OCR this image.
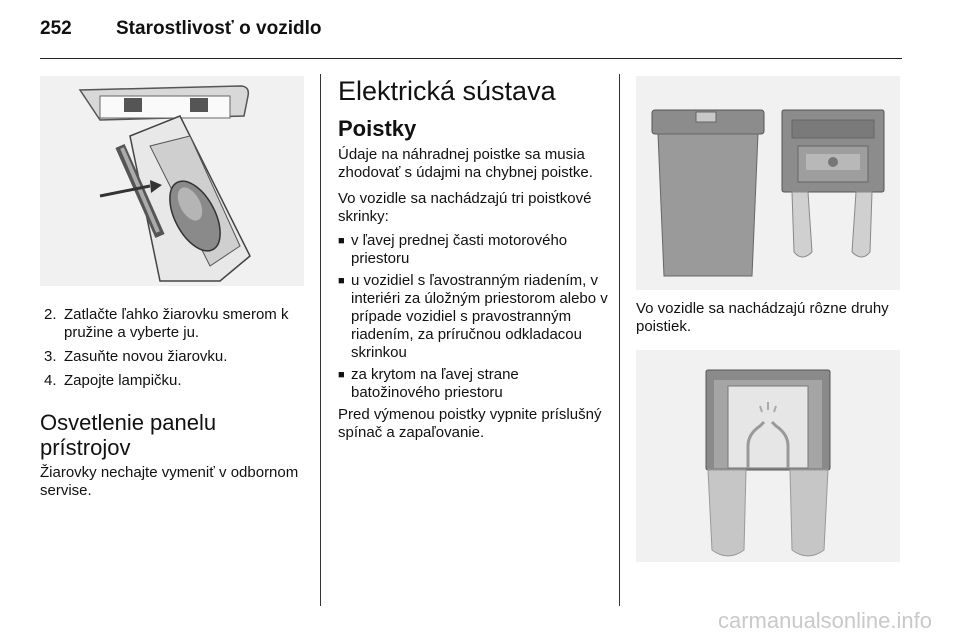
252	Starostlivosť o vozidlo
2. Zatlačte ľahko žiarovku smerom k pružine a vyberte ju.
3. Zasuňte novou žiarovku.
4. Zapojte lampičku.
Osvetlenie panelu prístrojov

Žiarovky nechajte vymeniť v odbornom servise.

Elektrická sústava
Poistky

Údaje na náhradnej poistke sa musia zhodovať s údajmi na chybnej poistke.

Vo vozidle sa nachádzajú tri poistkové skrinky:

■ v ľavej prednej časti motorového priestoru
■ u vozidiel s ľavostranným riadením, v interiéri za úložným priestorom alebo v prípade vozidiel s pravostranným riadením, za príručnou odkladacou skrinkou
■ za krytom na ľavej strane batožinového priestoru

Pred výmenou poistky vypnite príslušný spínač a zapaľovanie.

Vo vozidle sa nachádzajú rôzne druhy poistiek.

carmanualsonline.info
